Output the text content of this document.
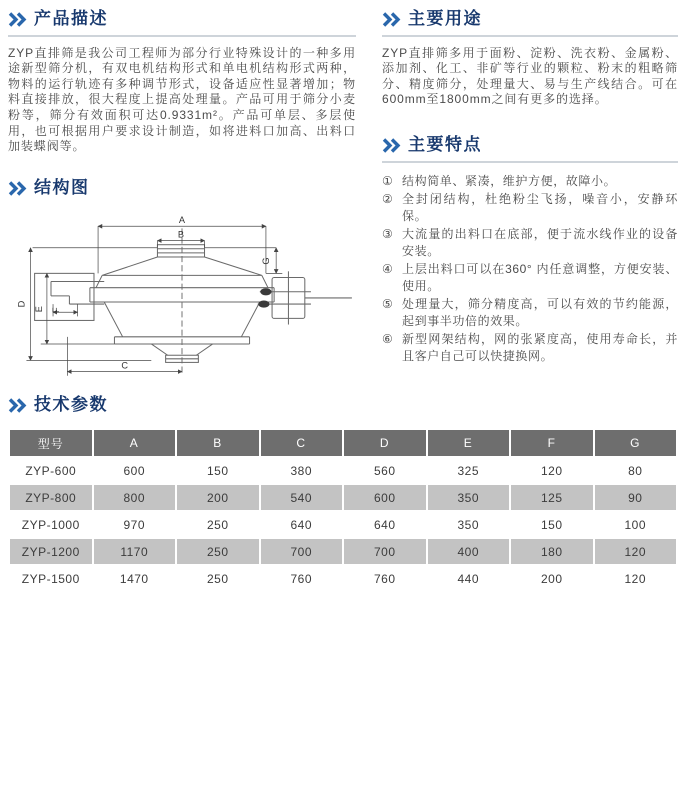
产品描述

ZYP直排筛是我公司工程师为部分行业特殊设计的一种多用途新型筛分机，有双电机结构形式和单电机结构形式两种，物料的运行轨迹有多种调节形式，设备适应性显著增加；物料直接排放，很大程度上提高处理量。产品可用于筛分小麦粉等，筛分有效面积可达0.9331m²。产品可单层、多层使用，也可根据用户要求设计制造，如将进料口加高、出料口加装蝶阀等。

结构图
A
B
C
D
E F
G
主要用途

ZYP直排筛多用于面粉、淀粉、洗衣粉、金属粉、添加剂、化工、非矿等行业的颗粒、粉末的粗略筛分、精度筛分，处理量大、易与生产线结合。可在600mm至1800mm之间有更多的选择。

主要特点
① 结构简单、紧凑，维护方便，故障小。
② 全封闭结构，杜绝粉尘飞扬，噪音小，安静环保。
③ 大流量的出料口在底部，便于流水线作业的设备安装。
④ 上层出料口可以在360° 内任意调整，方便安装、使用。
⑤ 处理量大，筛分精度高，可以有效的节约能源，起到事半功倍的效果。
⑥ 新型网架结构，网的张紧度高，使用寿命长，并且客户自己可以快捷换网。
技术参数
型号	A	B	C	D	E	F	G
ZYP-600	600	150	380	560	325	120	80
ZYP-800	800	200	540	600	350	125	90
ZYP-1000	970	250	640	640	350	150	100
ZYP-1200	1170	250	700	700	400	180	120
ZYP-1500	1470	250	760	760	440	200	120
